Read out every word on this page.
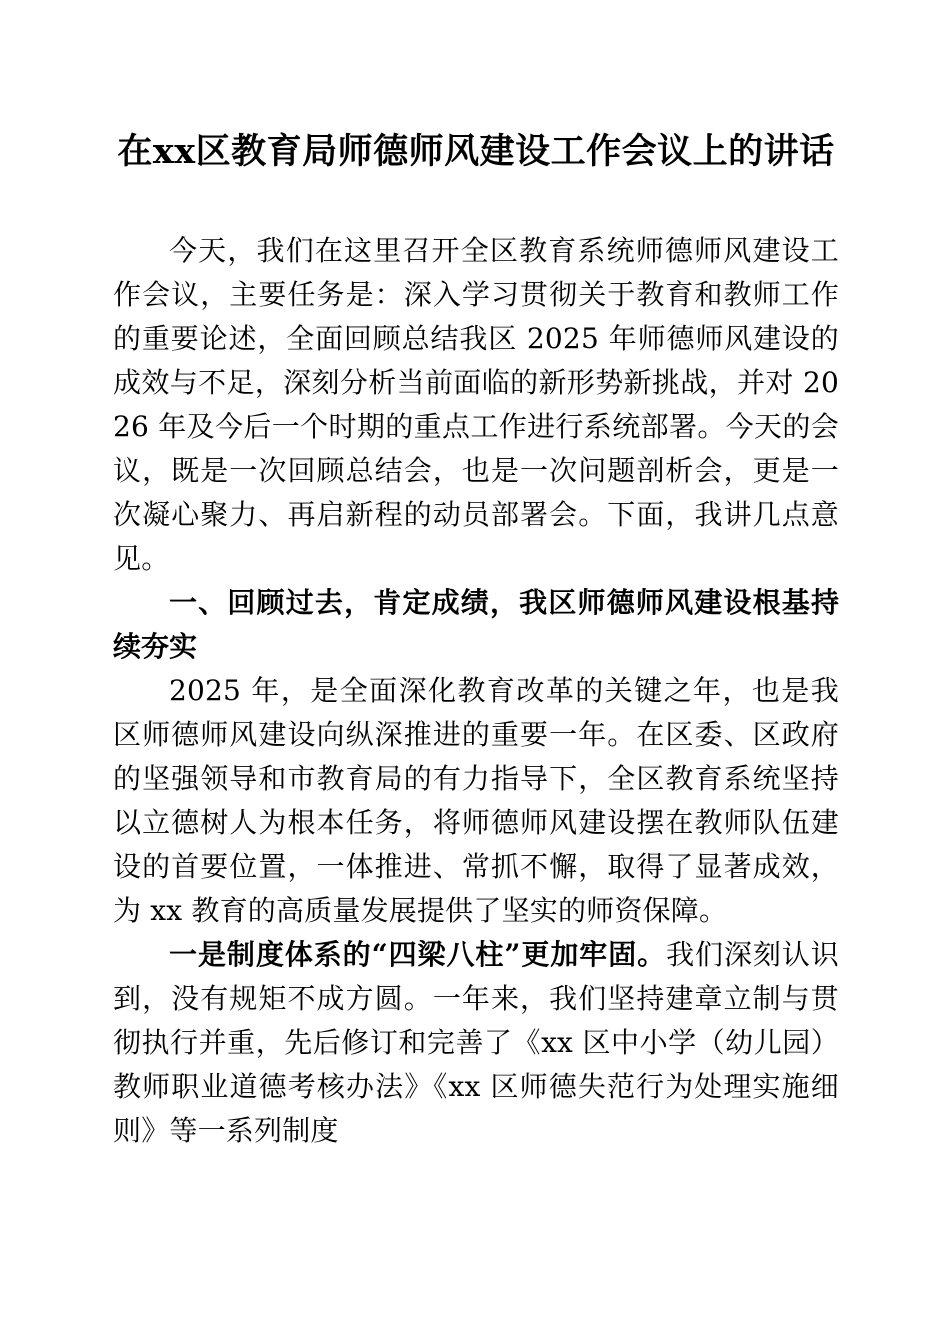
在xx区教育局师德师风建设工作会议上的讲话

今天，我们在这里召开全区教育系统师德师风建设工作会议，主要任务是：深入学习贯彻关于教育和教师工作的重要论述，全面回顾总结我区 2025 年师德师风建设的成效与不足，深刻分析当前面临的新形势新挑战，并对 2026 年及今后一个时期的重点工作进行系统部署。今天的会议，既是一次回顾总结会，也是一次问题剖析会，更是一次凝心聚力、再启新程的动员部署会。下面，我讲几点意见。

一、回顾过去，肯定成绩，我区师德师风建设根基持续夯实

2025 年，是全面深化教育改革的关键之年，也是我区师德师风建设向纵深推进的重要一年。在区委、区政府的坚强领导和市教育局的有力指导下，全区教育系统坚持以立德树人为根本任务，将师德师风建设摆在教师队伍建设的首要位置，一体推进、常抓不懈，取得了显著成效，为 xx 教育的高质量发展提供了坚实的师资保障。

一是制度体系的“四梁八柱”更加牢固。我们深刻认识到，没有规矩不成方圆。一年来，我们坚持建章立制与贯彻执行并重，先后修订和完善了《xx 区中小学（幼儿园）教师职业道德考核办法》《xx 区师德失范行为处理实施细则》等一系列制度
